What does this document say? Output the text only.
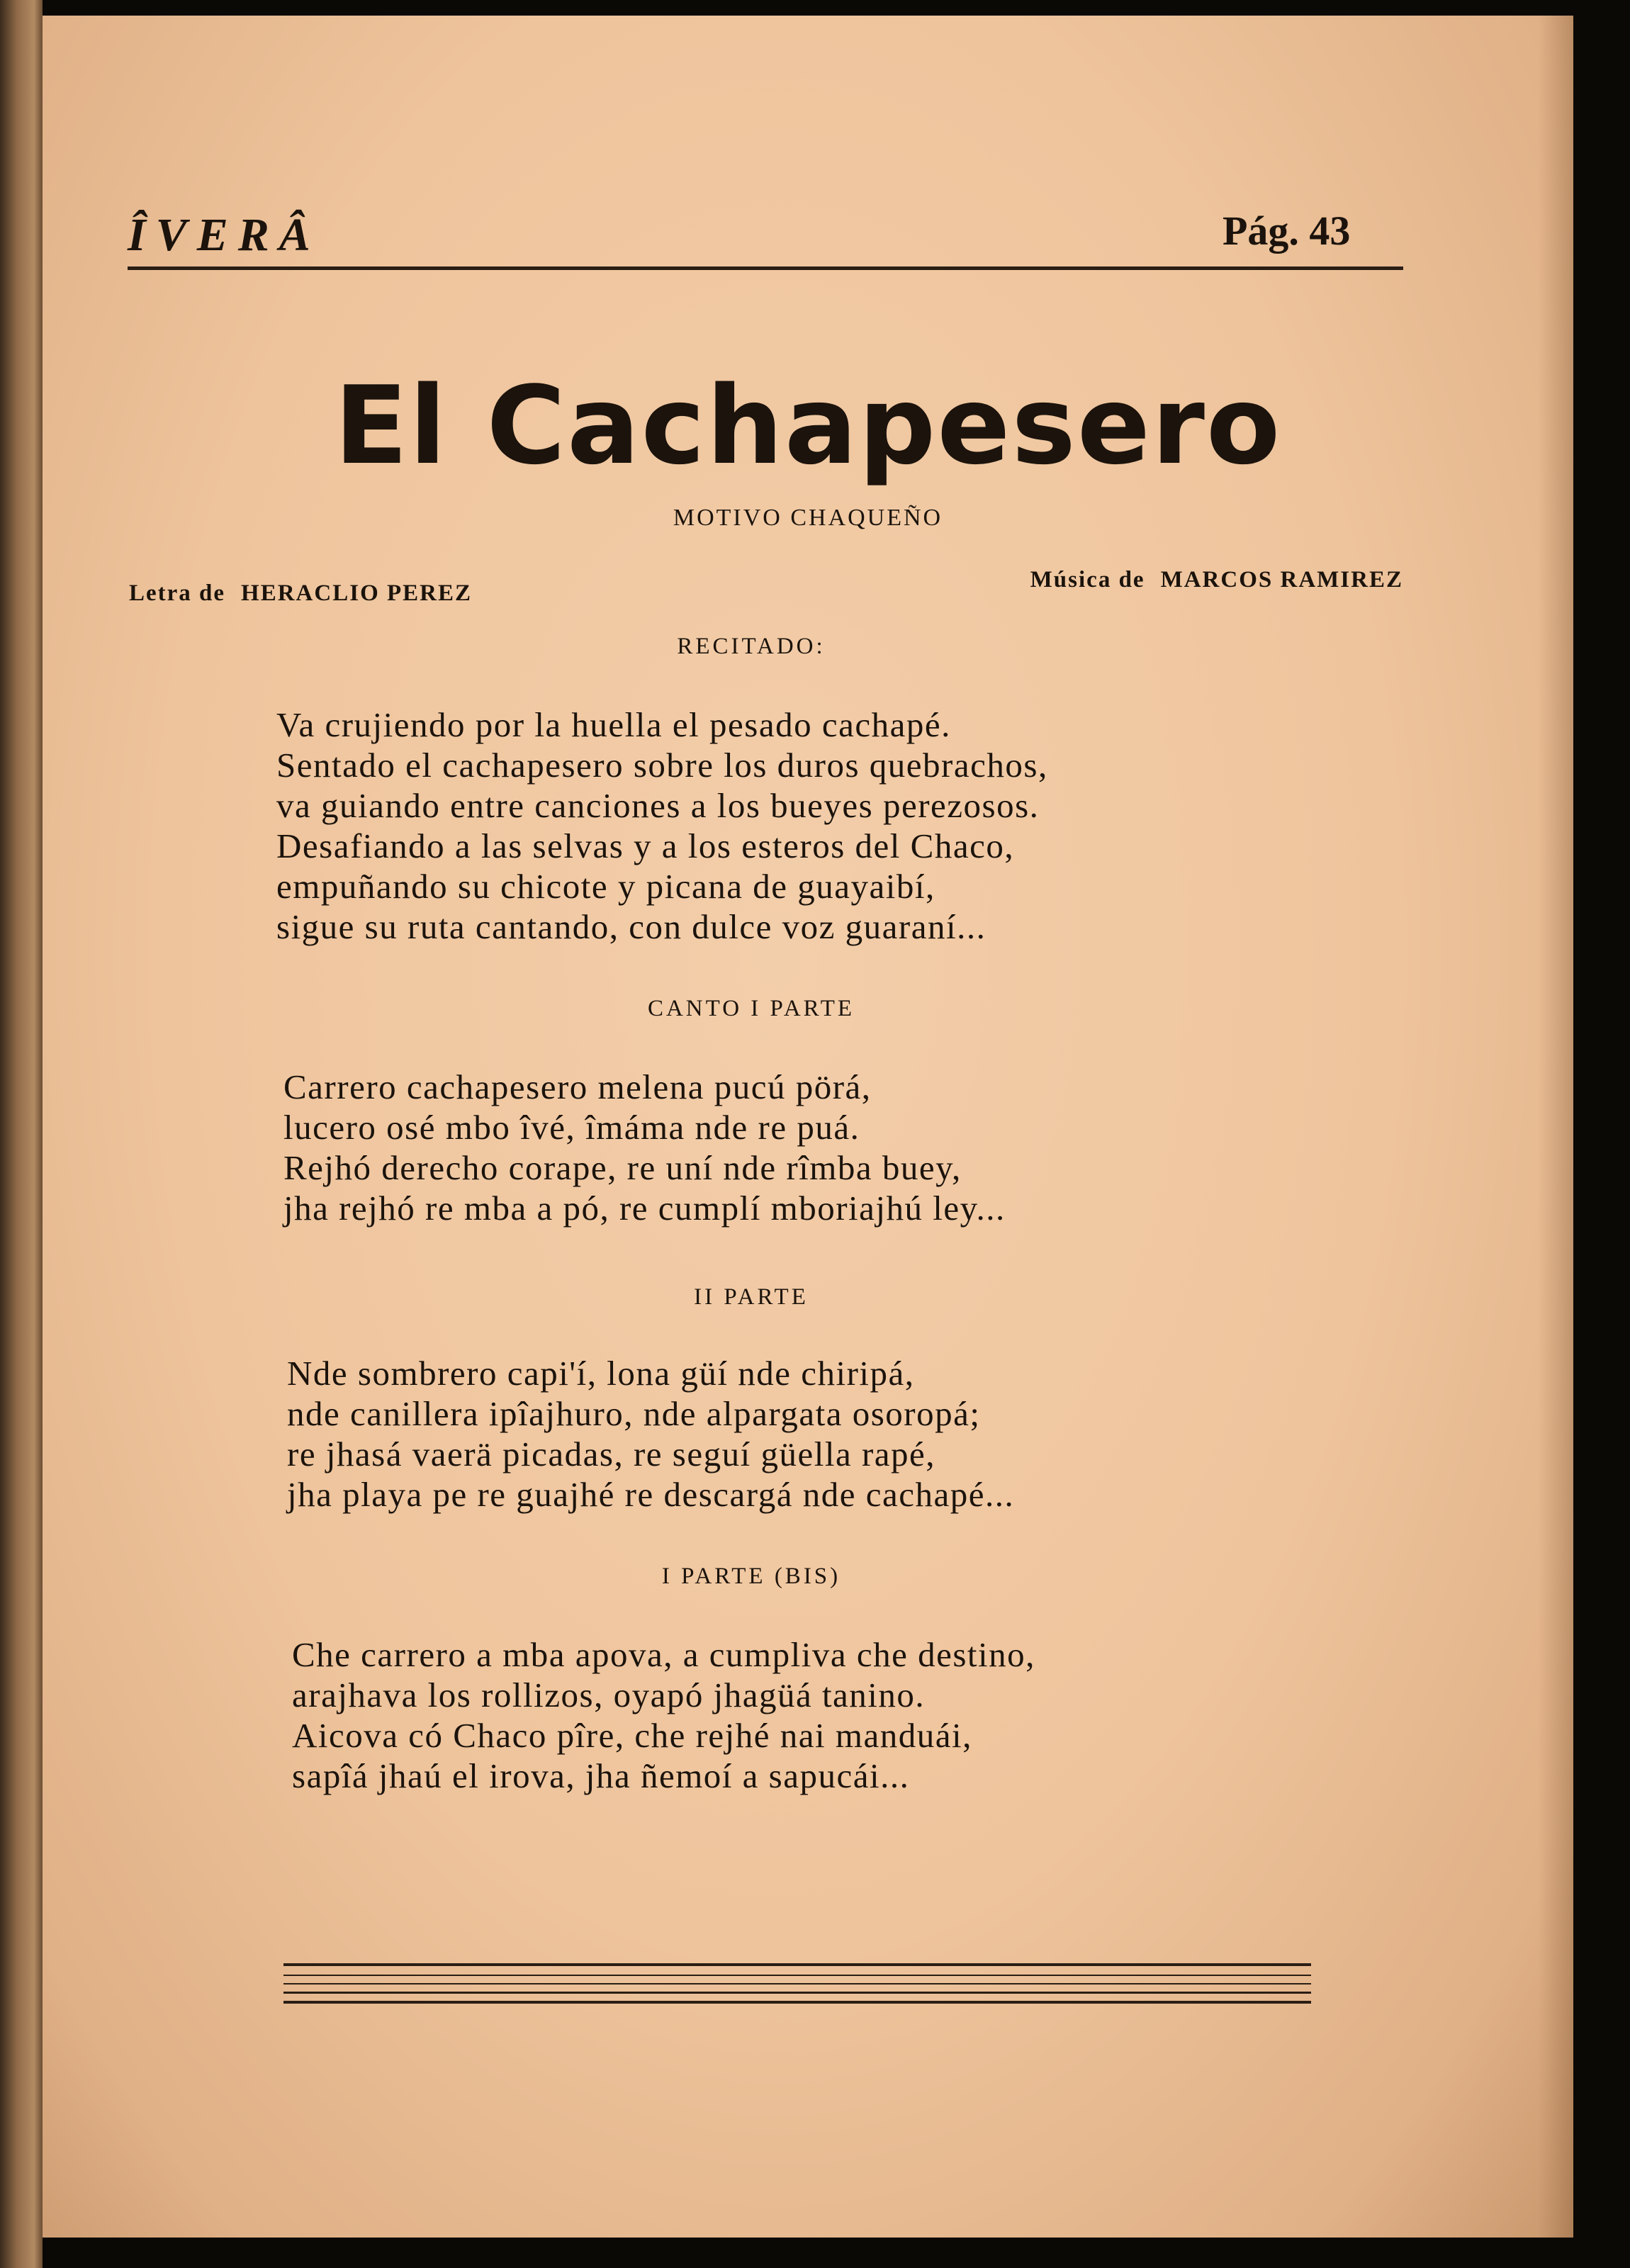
ÎVERÂ	Pág. 43
El Cachapesero
MOTIVO CHAQUEÑO
Letra de HERACLIO PEREZ
Música de MARCOS RAMIREZ
RECITADO:
Va crujiendo por la huella el pesado cachapé.
Sentado el cachapesero sobre los duros quebrachos,
va guiando entre canciones a los bueyes perezosos.
Desafiando a las selvas y a los esteros del Chaco,
empuñando su chicote y picana de guayaibí,
sigue su ruta cantando, con dulce voz guaraní...
CANTO I PARTE
Carrero cachapesero melena pucú pörá,
lucero osé mbo îvé, îmáma nde re puá.
Rejhó derecho corape, re uní nde rîmba buey,
jha rejhó re mba a pó, re cumplí mboriajhú ley...
II PARTE
Nde sombrero capi'í, lona güí nde chiripá,
nde canillera ipîajhuro, nde alpargata osoropá;
re jhasá vaerä picadas, re seguí güella rapé,
jha playa pe re guajhé re descargá nde cachapé...
I PARTE (BIS)
Che carrero a mba apova, a cumpliva che destino,
arajhava los rollizos, oyapó jhagüá tanino.
Aicova có Chaco pîre, che rejhé nai manduái,
sapîá jhaú el irova, jha ñemoí a sapucái...
